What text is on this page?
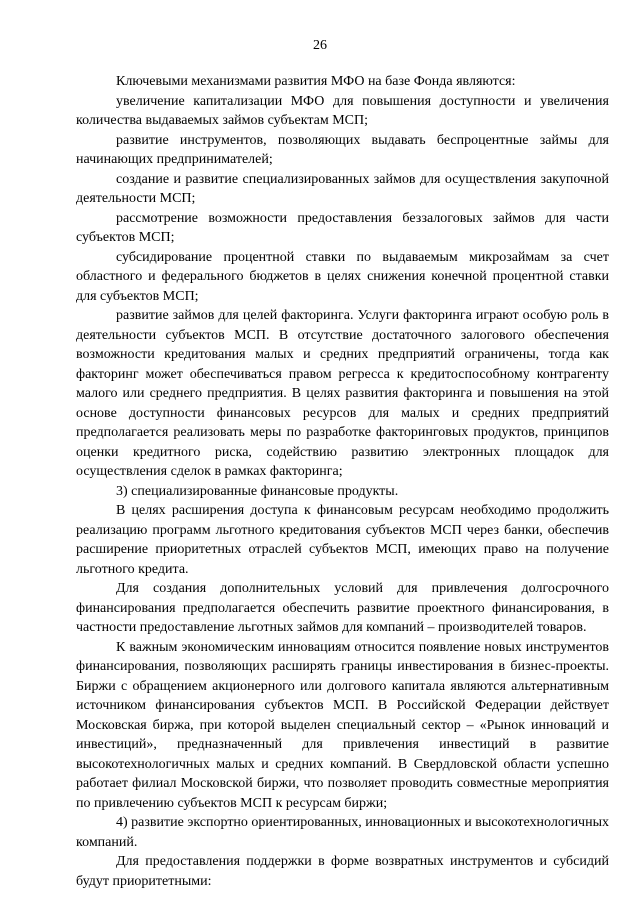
26

Ключевыми механизмами развития МФО на базе Фонда являются:

увеличение капитализации МФО для повышения доступности и увеличения количества выдаваемых займов субъектам МСП;

развитие инструментов, позволяющих выдавать беспроцентные займы для начинающих предпринимателей;

создание и развитие специализированных займов для осуществления закупочной деятельности МСП;

рассмотрение возможности предоставления беззалоговых займов для части субъектов МСП;

субсидирование процентной ставки по выдаваемым микрозаймам за счет областного и федерального бюджетов в целях снижения конечной процентной ставки для субъектов МСП;

развитие займов для целей факторинга. Услуги факторинга играют особую роль в деятельности субъектов МСП. В отсутствие достаточного залогового обеспечения возможности кредитования малых и средних предприятий ограничены, тогда как факторинг может обеспечиваться правом регресса к кредитоспособному контрагенту малого или среднего предприятия. В целях развития факторинга и повышения на этой основе доступности финансовых ресурсов для малых и средних предприятий предполагается реализовать меры по разработке факторинговых продуктов, принципов оценки кредитного риска, содействию развитию электронных площадок для осуществления сделок в рамках факторинга;

3) специализированные финансовые продукты.

В целях расширения доступа к финансовым ресурсам необходимо продолжить реализацию программ льготного кредитования субъектов МСП через банки, обеспечив расширение приоритетных отраслей субъектов МСП, имеющих право на получение льготного кредита.

Для создания дополнительных условий для привлечения долгосрочного финансирования предполагается обеспечить развитие проектного финансирования, в частности предоставление льготных займов для компаний – производителей товаров.

К важным экономическим инновациям относится появление новых инструментов финансирования, позволяющих расширять границы инвестирования в бизнес-проекты. Биржи с обращением акционерного или долгового капитала являются альтернативным источником финансирования субъектов МСП. В Российской Федерации действует Московская биржа, при которой выделен специальный сектор – «Рынок инноваций и инвестиций», предназначенный для привлечения инвестиций в развитие высокотехнологичных малых и средних компаний. В Свердловской области успешно работает филиал Московской биржи, что позволяет проводить совместные мероприятия по привлечению субъектов МСП к ресурсам биржи;

4) развитие экспортно ориентированных, инновационных и высокотехнологичных компаний.

Для предоставления поддержки в форме возвратных инструментов и субсидий будут приоритетными:
